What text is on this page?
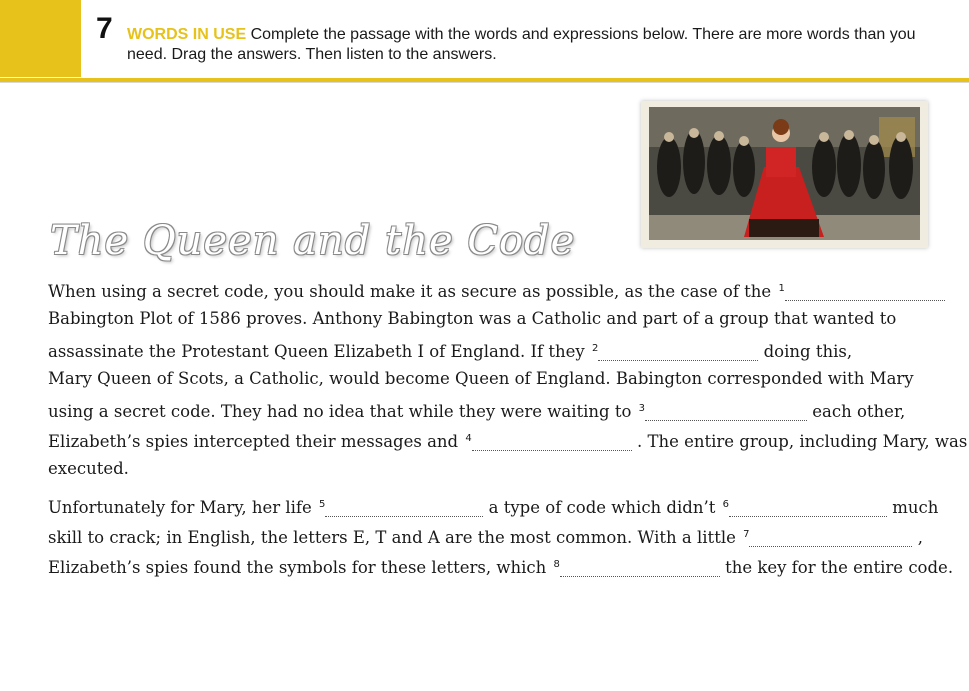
7 WORDS IN USE Complete the passage with the words and expressions below. There are more words than you need. Drag the answers. Then listen to the answers.
The Queen and the Code
When using a secret code, you should make it as secure as possible, as the case of the $^1$
Babington Plot of 1586 proves. Anthony Babington was a Catholic and part of a group that wanted to
assassinate the Protestant Queen Elizabeth I of England. If they $^2$	doing this,
Mary Queen of Scots, a Catholic, would become Queen of England. Babington corresponded with Mary
using a secret code. They had no idea that while they were waiting to $^3$	each other,
Elizabeth’s spies intercepted their messages and $^4$	. The entire group, including Mary, was
executed.
Unfortunately for Mary, her life $^5$	a type of code which didn’t $^6$	much
skill to crack; in English, the letters E, T and A are the most common. With a little $^7$	,
Elizabeth’s spies found the symbols for these letters, which $^8$	the key for the entire code.
